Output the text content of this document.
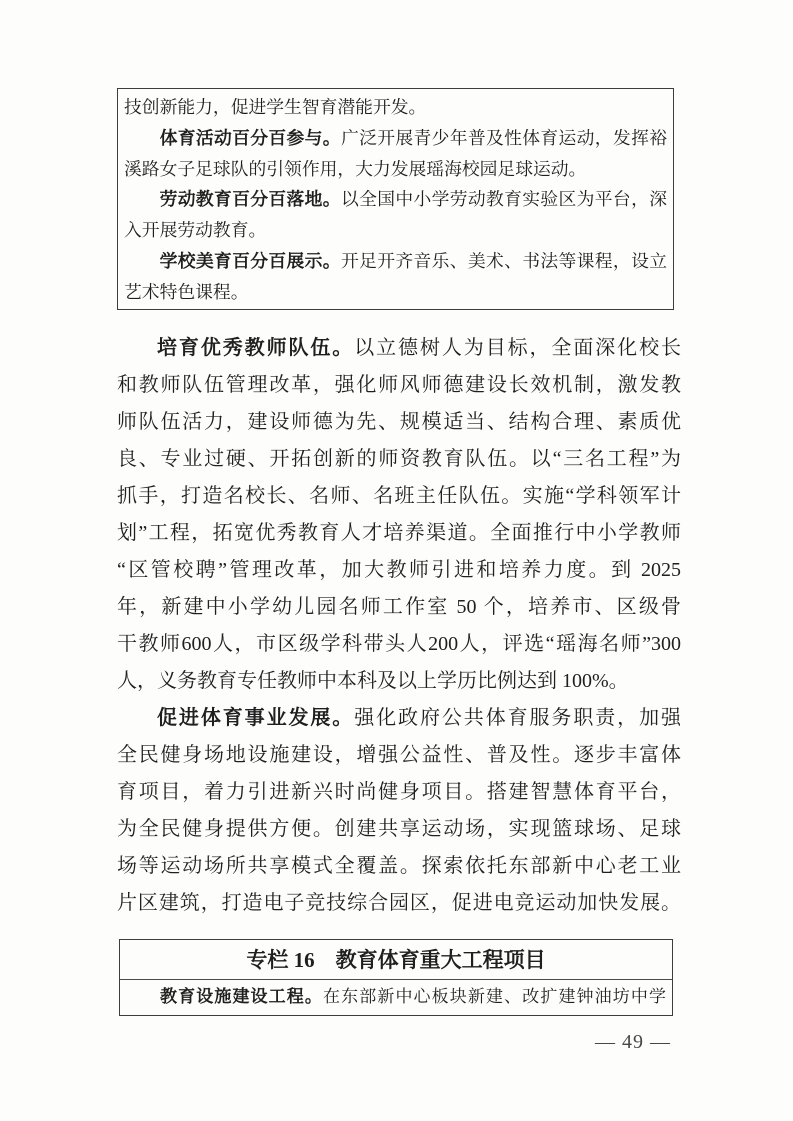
技创新能力，促进学生智育潜能开发。
体育活动百分百参与。广泛开展青少年普及性体育运动，发挥裕
溪路女子足球队的引领作用，大力发展瑶海校园足球运动。
劳动教育百分百落地。以全国中小学劳动教育实验区为平台，深
入开展劳动教育。
学校美育百分百展示。开足开齐音乐、美术、书法等课程，设立
艺术特色课程。
培育优秀教师队伍。以立德树人为目标，全面深化校长
和教师队伍管理改革，强化师风师德建设长效机制，激发教
师队伍活力，建设师德为先、规模适当、结构合理、素质优
良、专业过硬、开拓创新的师资教育队伍。以“三名工程”为
抓手，打造名校长、名师、名班主任队伍。实施“学科领军计
划”工程，拓宽优秀教育人才培养渠道。全面推行中小学教师
“区管校聘”管理改革，加大教师引进和培养力度。到 2025
年，新建中小学幼儿园名师工作室 50 个，培养市、区级骨
干教师600人，市区级学科带头人200人，评选“瑶海名师”300
人，义务教育专任教师中本科及以上学历比例达到 100%。
促进体育事业发展。强化政府公共体育服务职责，加强
全民健身场地设施建设，增强公益性、普及性。逐步丰富体
育项目，着力引进新兴时尚健身项目。搭建智慧体育平台，
为全民健身提供方便。创建共享运动场，实现篮球场、足球
场等运动场所共享模式全覆盖。探索依托东部新中心老工业
片区建筑，打造电子竞技综合园区，促进电竞运动加快发展。
专栏 16　教育体育重大工程项目
教育设施建设工程。在东部新中心板块新建、改扩建钟油坊中学
— 49 —
